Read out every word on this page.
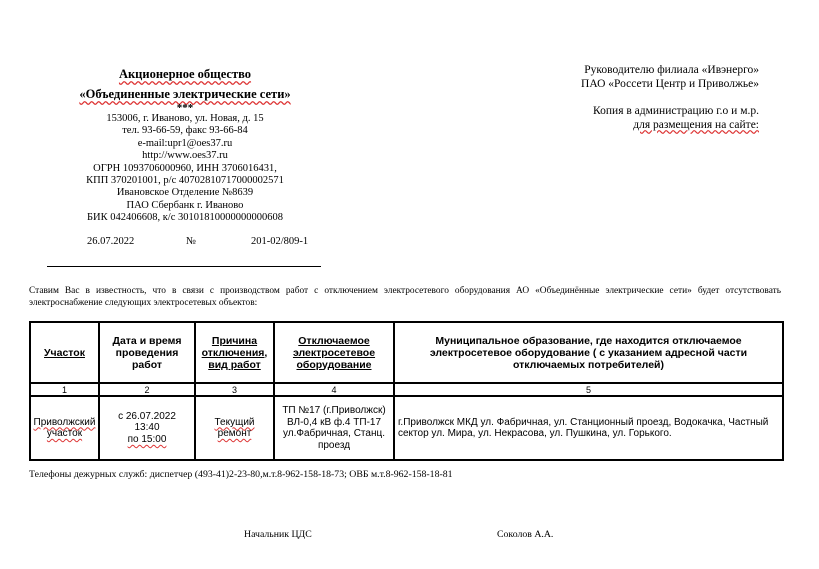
Акционерное общество
«Объединенные электрические сети»
***
153006, г. Иваново, ул. Новая, д. 15
тел. 93-66-59, факс 93-66-84
e-mail:upr1@oes37.ru
http://www.oes37.ru
ОГРН 1093706000960, ИНН 3706016431,
КПП 370201001, р/с 40702810717000002571
Ивановское Отделение №8639
ПАО Сбербанк г. Иваново
БИК 042406608, к/с 30101810000000000608
26.07.2022	№	201-02/809-1
Руководителю филиала «Ивэнерго»
ПАО «Россети Центр и Приволжье»
Копия в администрацию г.о и м.р.
для размещения на сайте:
Ставим Вас в известность, что в связи с производством работ с отключением электросетевого оборудования АО «Объединённые электрические сети» будет отсутствовать электроснабжение следующих электросетевых объектов:
Участок	Дата и время проведения работ	Причина отключения, вид работ	Отключаемое электросетевое оборудование	Муниципальное образование, где находится отключаемое электросетевое оборудование ( с указанием адресной части отключаемых потребителей)
1	2	3	4	5
Приволжский участок	с 26.07.2022
13:40
по 15:00	Текущий ремонт	ТП №17 (г.Приволжск) ВЛ-0,4 кВ ф.4 ТП-17 ул.Фабричная, Станц. проезд	г.Приволжск МКД ул. Фабричная, ул. Станционный проезд, Водокачка, Частный сектор ул. Мира, ул. Некрасова, ул. Пушкина, ул. Горького.
Телефоны дежурных служб: диспетчер (493-41)2-23-80,м.т.8-962-158-18-73; ОВБ м.т.8-962-158-18-81
Начальник ЦДС	Соколов А.А.
